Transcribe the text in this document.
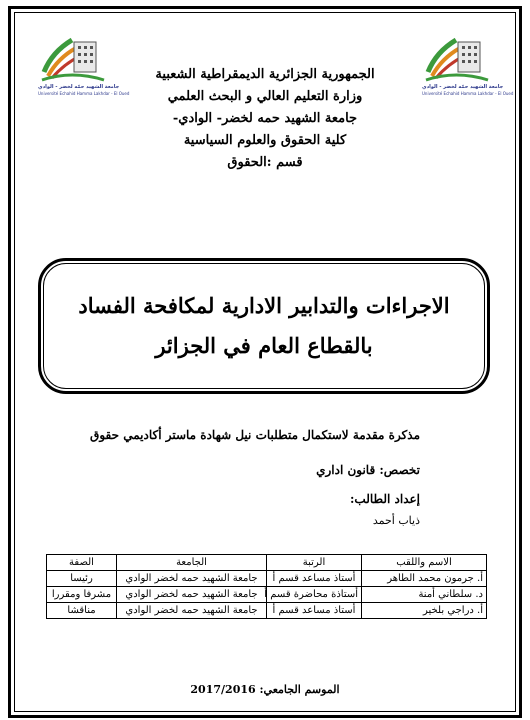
جامعة الشهيد حمّه لخضر - الوادي
Université Echahid Hamma Lakhdar - El Oued
جامعة الشهيد حمّه لخضر - الوادي
Université Echahid Hamma Lakhdar - El Oued
الجمهورية الجزائرية الديمقراطية الشعبية
وزارة التعليم العالي و البحث العلمي
جامعة الشهيد حمه لخضر- الوادي-
كلية الحقوق والعلوم السياسية
قسم :الحقوق
الاجراءات والتدابير الادارية لمكافحة الفساد
بالقطاع العام في الجزائر
مذكرة مقدمة لاستكمال متطلبات نيل شهادة ماستر أكاديمي حقوق
تخصص: قانون اداري
إعداد الطالب:
ذياب أحمد
الاسم واللقب	الرتبة	الجامعة	الصفة
أ. جرمون محمد الطاهر	أستاذ مساعد قسم أ	جامعة الشهيد حمه لخضر الوادي	رئيسا
د. سلطاني أمنة	أستاذة محاضرة قسم أ	جامعة الشهيد حمه لخضر الوادي	مشرفا ومقررا
أ. دراجي بلخير	أستاذ مساعد قسم أ	جامعة الشهيد حمه لخضر الوادي	مناقشا
الموسم الجامعي: 2017/2016
